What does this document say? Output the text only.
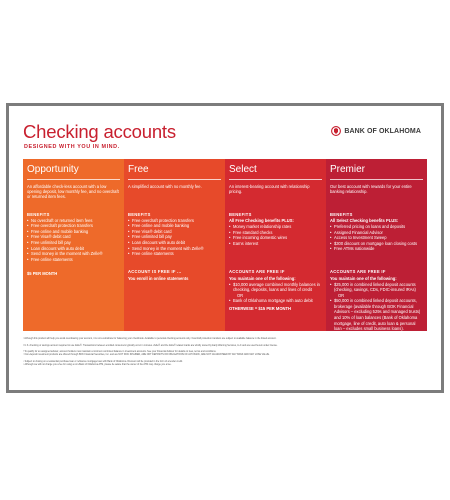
Checking accounts
DESIGNED WITH YOU IN MIND.
BANK OF OKLAHOMA
Opportunity
An affordable check-less account with a low opening deposit, low monthly fee, and no overdraft or returned item fees.
BENEFITS
• No overdraft or returned item fees
• Free overdraft protection transfers
• Free online and mobile banking
• Free Visa® debit card
• Free unlimited bill pay
• Loan discount with auto debit
• Send money in the moment with Zelle®
• Free online statements
$5 PER MONTH
Free
A simplified account with no monthly fee.
BENEFITS
• Free overdraft protection transfers
• Free online and mobile banking
• Free Visa® debit card
• Free unlimited bill pay
• Loan discount with auto debit
• Send money in the moment with Zelle®
• Free online statements
ACCOUNT IS FREE IF ...
You enroll in online statements
Select
An interest-bearing account with relationship pricing.
BENEFITS
All Free Checking benefits PLUS:
• Money market relationship rates
• Free standard checks
• Free incoming domestic wires
• Earns interest
ACCOUNTS ARE FREE IF
You maintain one of the following:
• $10,000 average combined monthly balances in checking, deposits, loans and lines of credit
OR
• Bank of Oklahoma mortgage with auto debit
OTHERWISE = $15 PER MONTH
Premier
Our best account with rewards for your entire banking relationship.
BENEFITS
All Select Checking benefits PLUS:
• Preferred pricing on loans and deposits
• Assigned Financial Advisor
• Access to Investment Sweep
• $300 discount on mortgage loan closing costs
• Free ATMs nationwide
ACCOUNTS ARE FREE IF
You maintain one of the following:
• $25,000 in combined linked deposit accounts (checking, savings, CDs, FDIC-insured IRAs)
OR
• $50,000 in combined linked deposit accounts, brokerage (available through BOK Financial Advisors – excluding 529s and managed trusts) and 10% of loan balances (Bank of Oklahoma mortgage, line of credit, auto loan & personal loan – excludes small business loans).
OTHERWISE = $25 PER MONTH

¹ Although this product will help you avoid overdrawing your account, it is not a substitute for balancing your checkbook. Available to personal checking accounts only. Overdraft protection transfers are subject to available balance in the linked account.

² U.S. checking or savings account required to use Zelle®. Transactions between enrolled consumers typically occur in minutes. Zelle® and the Zelle® related marks are wholly owned by Early Warning Services, LLC and are used herein under license.

³ To qualify for an assigned advisor, account holders must maintain a minimum combined balance in investment accounts. See your Financial Advisor for details on fees, terms and conditions.

⁴ Non-deposit investment products are offered through BOK Financial Securities, Inc. and are NOT FDIC INSURED, ARE NOT DEPOSITS OR OBLIGATIONS OF ANY BANK, ARE NOT GUARANTEED BY ANY BANK AND MAY LOSE VALUE.

⁵ Subject to closing on a residential purchase loan or refinance mortgage loan with Bank of Oklahoma. Discount will be provided in the form of a lender credit.

⁶ Although we will not charge you a fee for using a non-Bank of Oklahoma ATM, please be aware that the owner of the ATM may charge you a fee.
